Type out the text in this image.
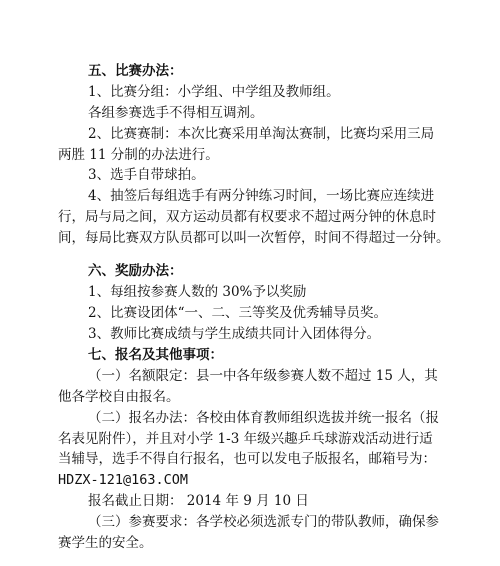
五、比赛办法：
1、比赛分组：小学组、中学组及教师组。
各组参赛选手不得相互调剂。
2、比赛赛制：本次比赛采用单淘汰赛制，比赛均采用三局
两胜 11 分制的办法进行。
3、选手自带球拍。
4、抽签后每组选手有两分钟练习时间，一场比赛应连续进
行，局与局之间，双方运动员都有权要求不超过两分钟的休息时
间，每局比赛双方队员都可以叫一次暂停，时间不得超过一分钟。
六、奖励办法：
1、每组按参赛人数的 30%予以奖励
2、比赛设团体“一、二、三等奖及优秀辅导员奖。
3、教师比赛成绩与学生成绩共同计入团体得分。
七、报名及其他事项：
（一）名额限定：县一中各年级参赛人数不超过 15 人，其
他各学校自由报名。
（二）报名办法：各校由体育教师组织选拔并统一报名（报
名表见附件），并且对小学 1-3 年级兴趣乒乓球游戏活动进行适
当辅导，选手不得自行报名，也可以发电子版报名，邮箱号为：
HDZX-121@163.COM
报名截止日期： 2014 年 9 月 10 日
（三）参赛要求：各学校必须选派专门的带队教师，确保参
赛学生的安全。
